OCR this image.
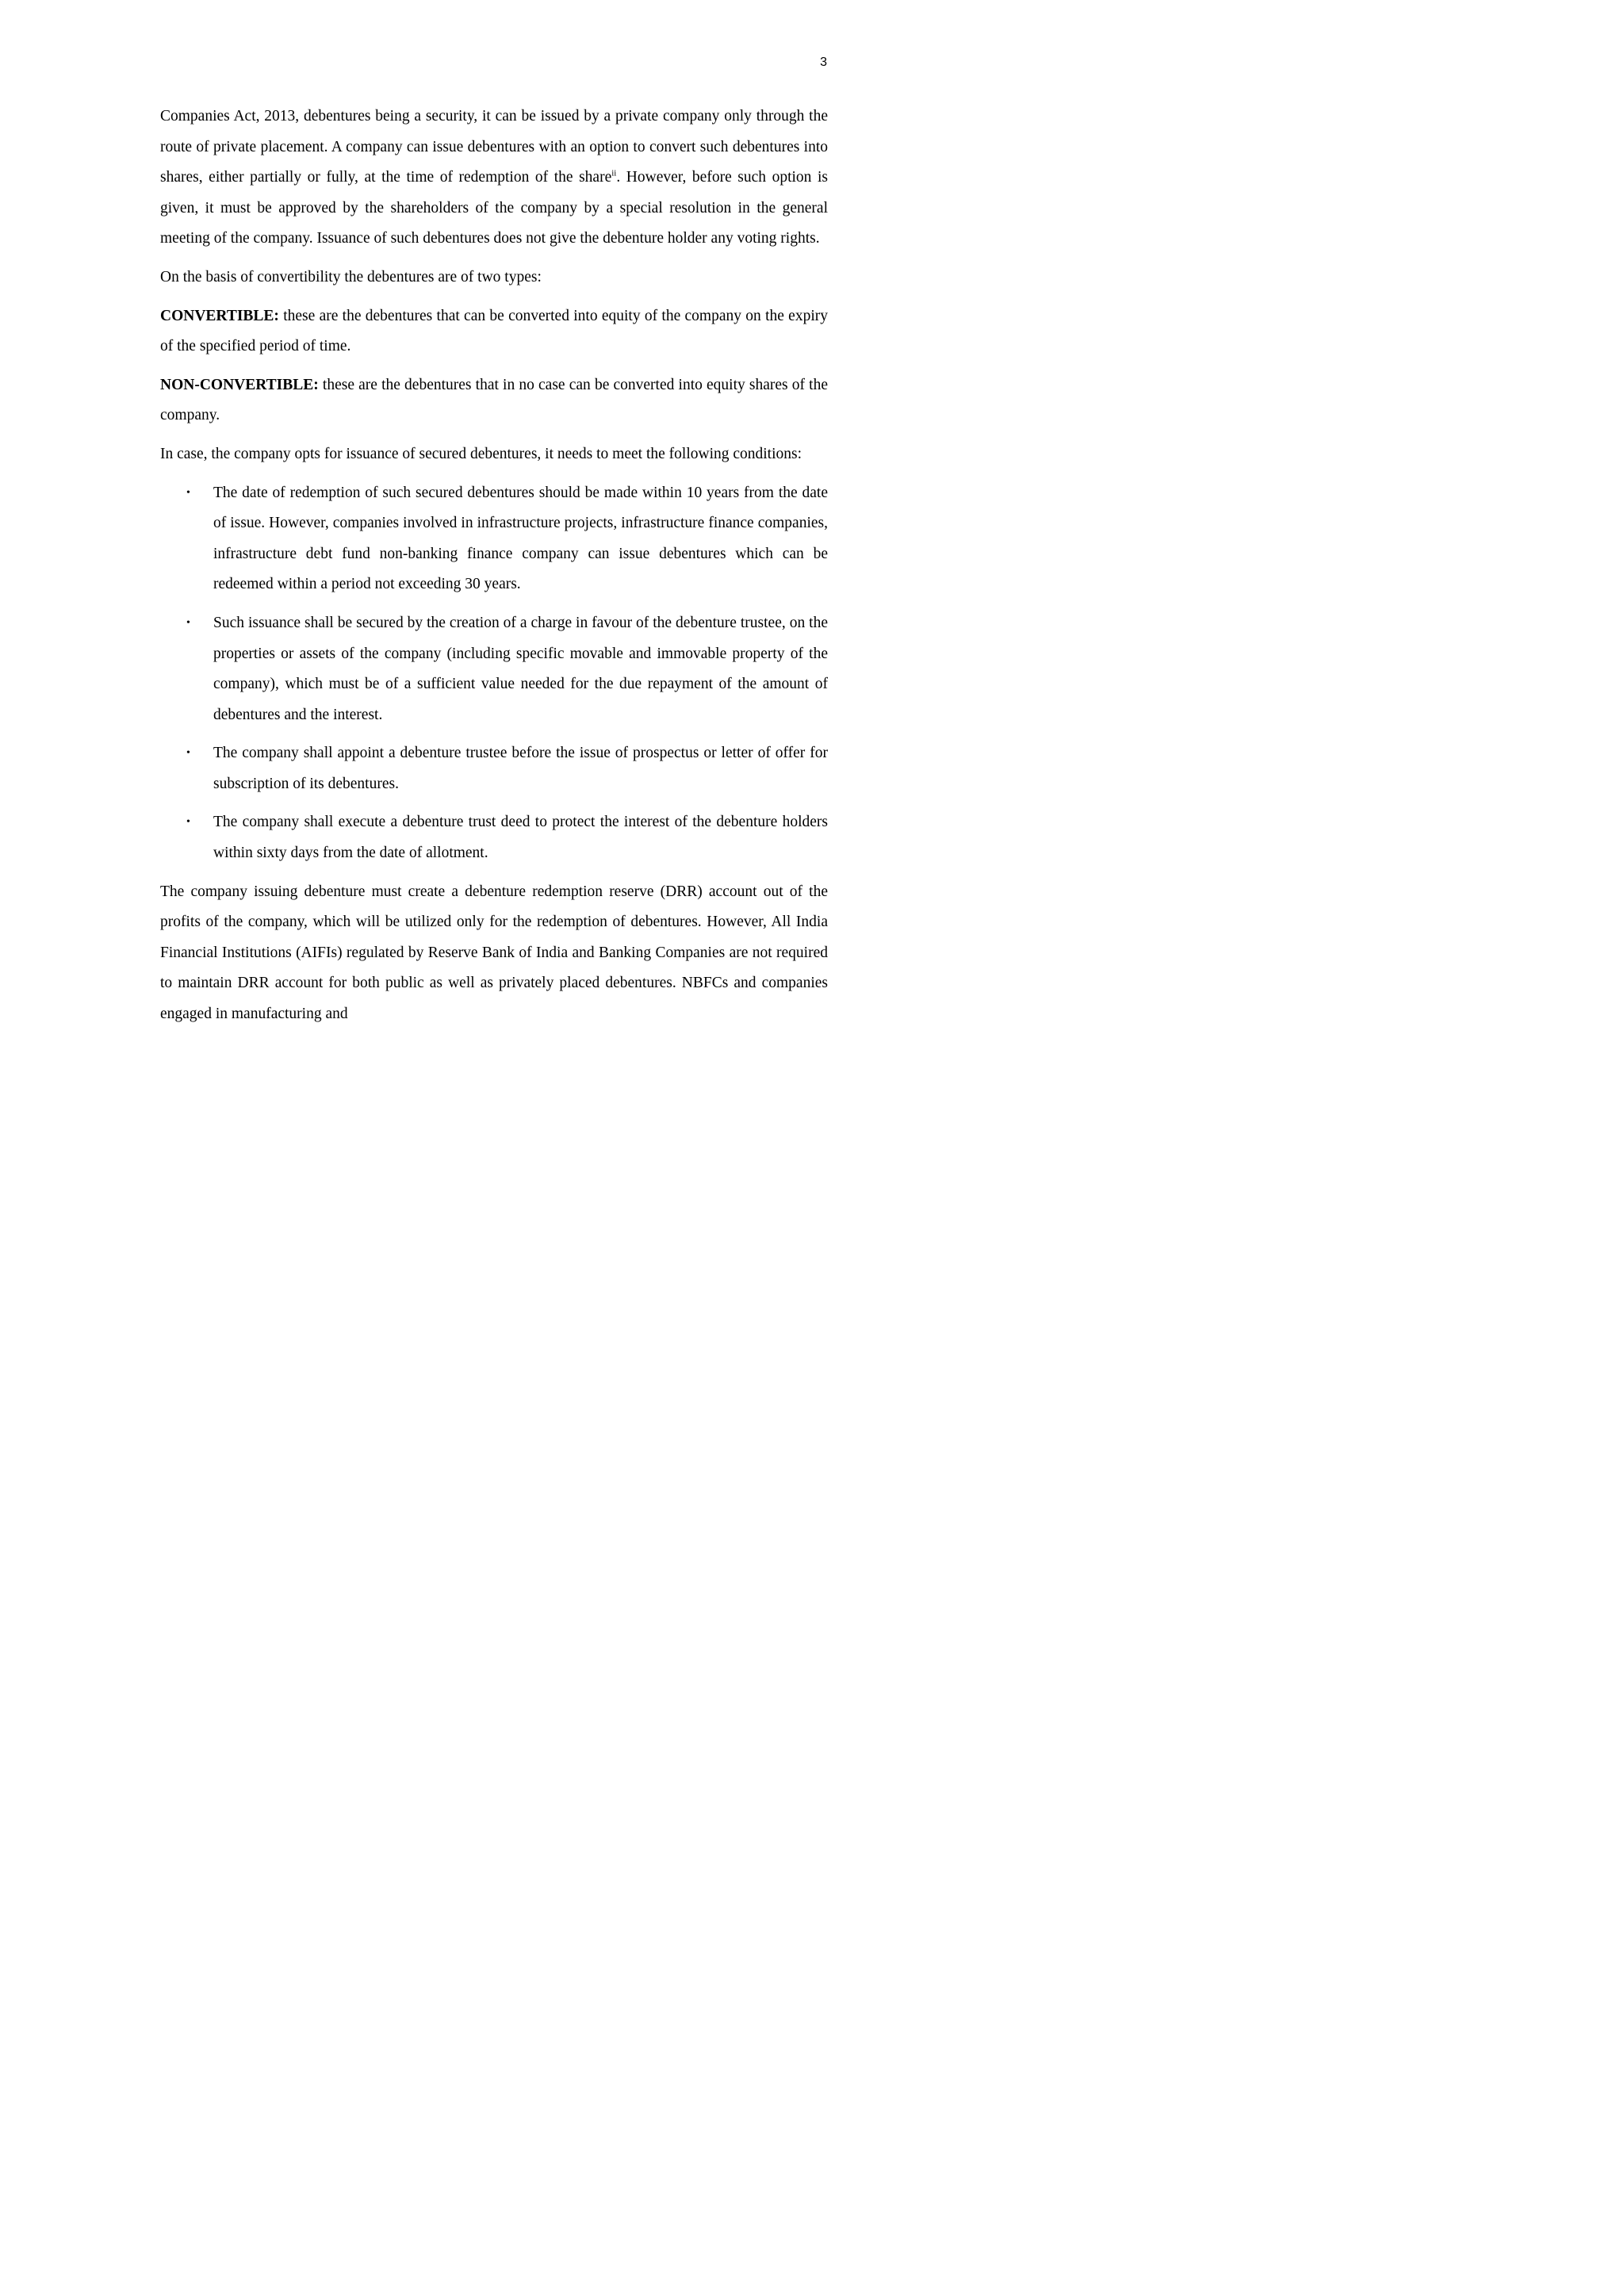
3

Companies Act, 2013, debentures being a security, it can be issued by a private company only through the route of private placement. A company can issue debentures with an option to convert such debentures into shares, either partially or fully, at the time of redemption of the share$^{ii}$. However, before such option is given, it must be approved by the shareholders of the company by a special resolution in the general meeting of the company. Issuance of such debentures does not give the debenture holder any voting rights.

On the basis of convertibility the debentures are of two types:

CONVERTIBLE: these are the debentures that can be converted into equity of the company on the expiry of the specified period of time.

NON-CONVERTIBLE: these are the debentures that in no case can be converted into equity shares of the company.

In case, the company opts for issuance of secured debentures, it needs to meet the following conditions:

• The date of redemption of such secured debentures should be made within 10 years from the date of issue. However, companies involved in infrastructure projects, infrastructure finance companies, infrastructure debt fund non-banking finance company can issue debentures which can be redeemed within a period not exceeding 30 years.
• Such issuance shall be secured by the creation of a charge in favour of the debenture trustee, on the properties or assets of the company (including specific movable and immovable property of the company), which must be of a sufficient value needed for the due repayment of the amount of debentures and the interest.
• The company shall appoint a debenture trustee before the issue of prospectus or letter of offer for subscription of its debentures.
• The company shall execute a debenture trust deed to protect the interest of the debenture holders within sixty days from the date of allotment.

The company issuing debenture must create a debenture redemption reserve (DRR) account out of the profits of the company, which will be utilized only for the redemption of debentures. However, All India Financial Institutions (AIFIs) regulated by Reserve Bank of India and Banking Companies are not required to maintain DRR account for both public as well as privately placed debentures. NBFCs and companies engaged in manufacturing and
